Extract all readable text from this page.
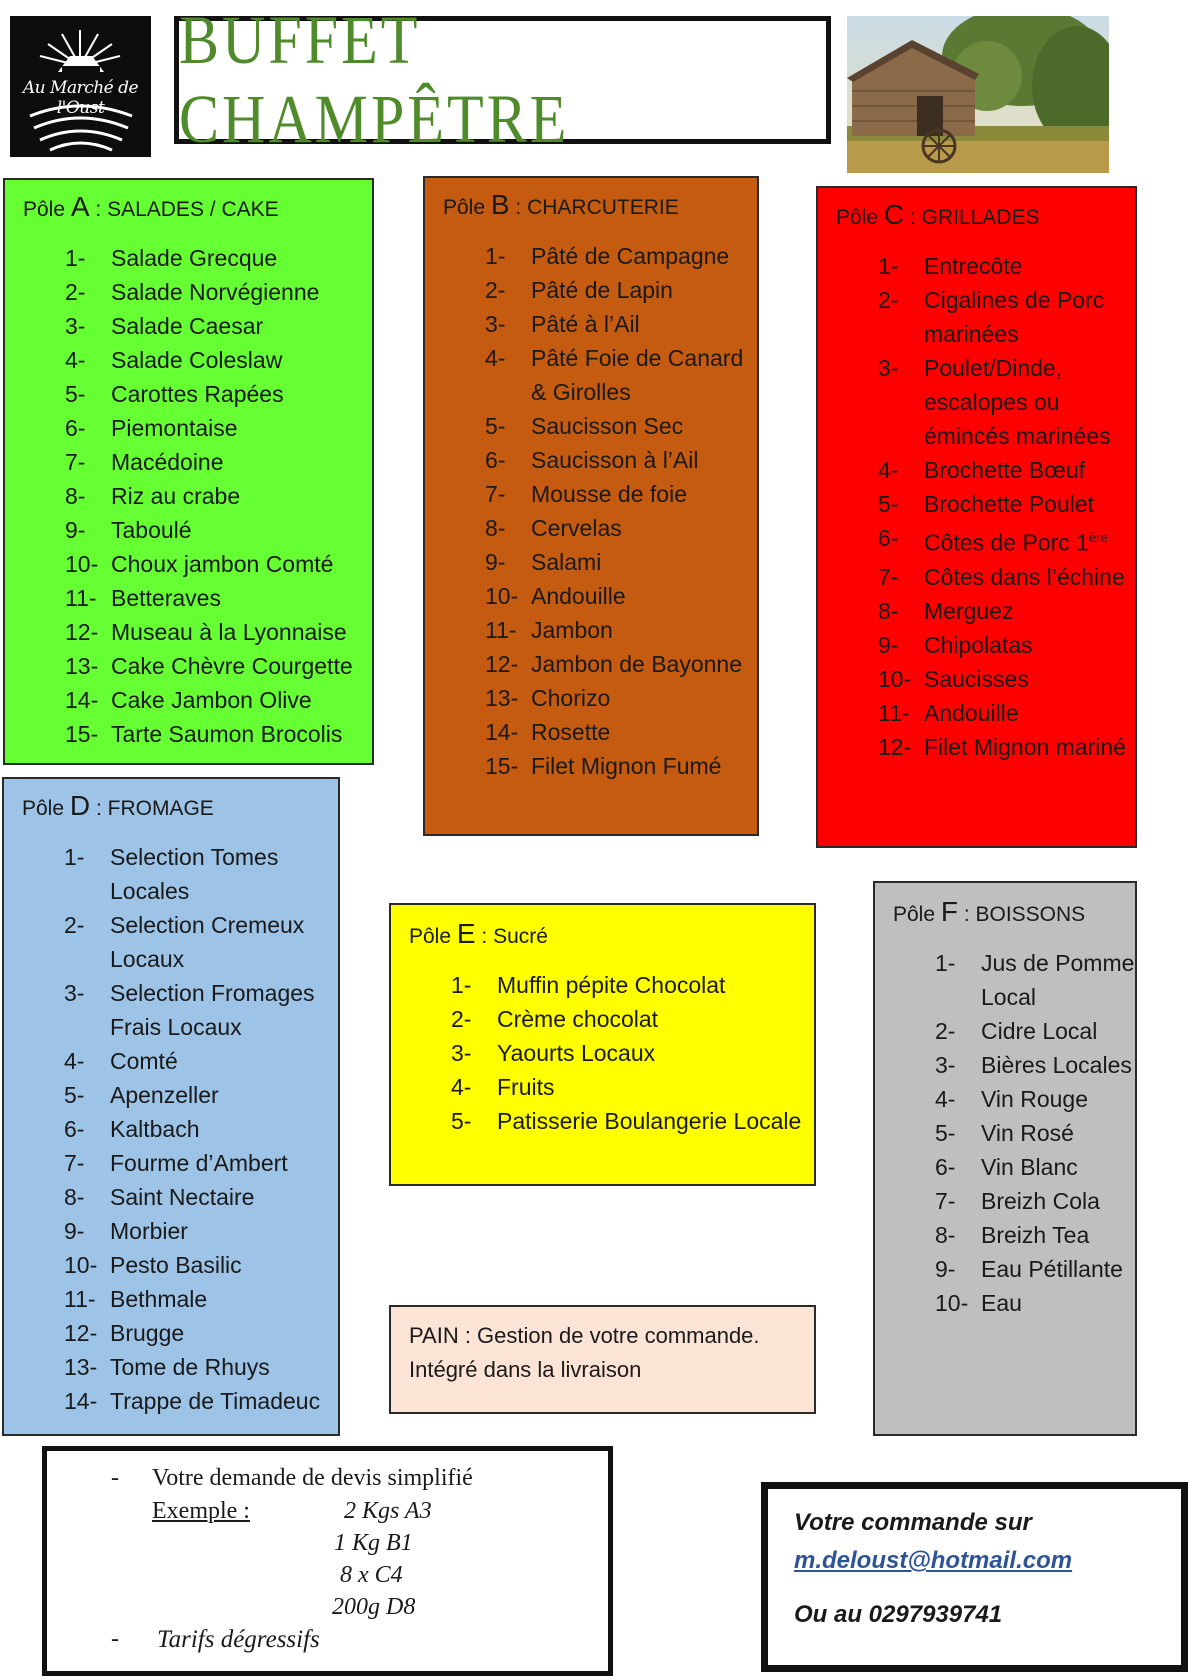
Au Marché de l'Oust
BUFFET CHAMPÊTRE
Pôle A : SALADES / CAKE
1- Salade Grecque
2- Salade Norvégienne
3- Salade Caesar
4- Salade Coleslaw
5- Carottes Rapées
6- Piemontaise
7- Macédoine
8- Riz au crabe
9- Taboulé
10- Choux jambon Comté
11- Betteraves
12- Museau à la Lyonnaise
13- Cake Chèvre Courgette
14- Cake Jambon Olive
15- Tarte Saumon Brocolis
Pôle B : CHARCUTERIE
1- Pâté de Campagne
2- Pâté de Lapin
3- Pâté à l’Ail
4- Pâté Foie de Canard & Girolles
5- Saucisson Sec
6- Saucisson à l’Ail
7- Mousse de foie
8- Cervelas
9- Salami
10- Andouille
11- Jambon
12- Jambon de Bayonne
13- Chorizo
14- Rosette
15- Filet Mignon Fumé
Pôle C : GRILLADES
1- Entrecôte
2- Cigalines de Porc marinées
3- Poulet/Dinde, escalopes ou émincés marinées
4- Brochette Bœuf
5- Brochette Poulet
6- Côtes de Porc 1ère
7- Côtes dans l’échine
8- Merguez
9- Chipolatas
10- Saucisses
11- Andouille
12- Filet Mignon mariné
Pôle D : FROMAGE
1- Selection Tomes Locales
2- Selection Cremeux Locaux
3- Selection Fromages Frais Locaux
4- Comté
5- Apenzeller
6- Kaltbach
7- Fourme d’Ambert
8- Saint Nectaire
9- Morbier
10- Pesto Basilic
11- Bethmale
12- Brugge
13- Tome de Rhuys
14- Trappe de Timadeuc
Pôle E : Sucré
1- Muffin pépite Chocolat
2- Crème chocolat
3- Yaourts Locaux
4- Fruits
5- Patisserie Boulangerie Locale
Pôle F : BOISSONS
1- Jus de Pomme Local
2- Cidre Local
3- Bières Locales
4- Vin Rouge
5- Vin Rosé
6- Vin Blanc
7- Breizh Cola
8- Breizh Tea
9- Eau Pétillante
10- Eau
PAIN : Gestion de votre commande.
Intégré dans la livraison
- Votre demande de devis simplifié
Exemple :	2 Kgs A3
1 Kg B1
8 x C4
200g D8
- Tarifs dégressifs
Votre commande sur
m.deloust@hotmail.com
Ou au 0297939741
